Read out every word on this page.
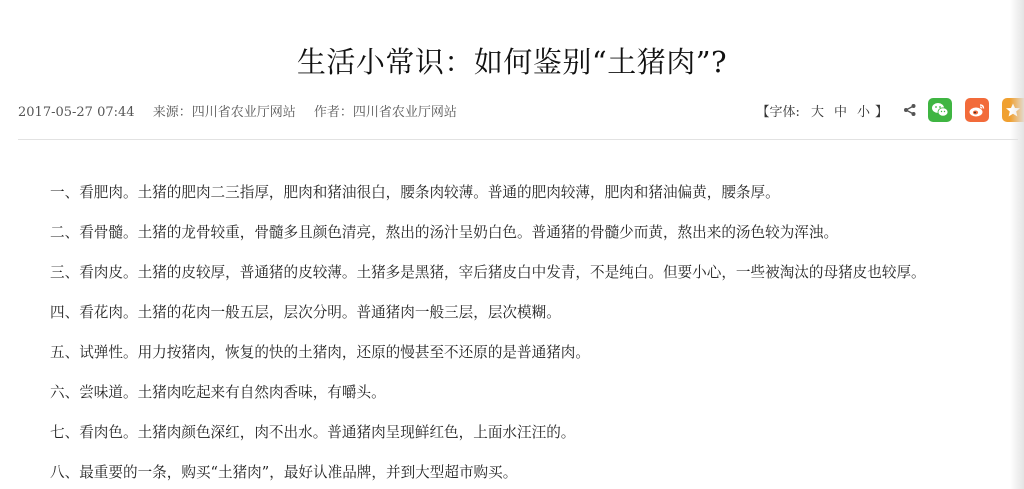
生活小常识：如何鉴别“土猪肉”?
2017-05-27 07:44 来源：四川省农业厅网站 作者：四川省农业厅网站	【字体: 大 中 小 】
一、看肥肉。土猪的肥肉二三指厚，肥肉和猪油很白，腰条肉较薄。普通的肥肉较薄，肥肉和猪油偏黄，腰条厚。
二、看骨髓。土猪的龙骨较重，骨髓多且颜色清亮，熬出的汤汁呈奶白色。普通猪的骨髓少而黄，熬出来的汤色较为浑浊。
三、看肉皮。土猪的皮较厚，普通猪的皮较薄。土猪多是黑猪，宰后猪皮白中发青，不是纯白。但要小心，一些被淘汰的母猪皮也较厚。
四、看花肉。土猪的花肉一般五层，层次分明。普通猪肉一般三层，层次模糊。
五、试弹性。用力按猪肉，恢复的快的土猪肉，还原的慢甚至不还原的是普通猪肉。
六、尝味道。土猪肉吃起来有自然肉香味，有嚼头。
七、看肉色。土猪肉颜色深红，肉不出水。普通猪肉呈现鲜红色，上面水汪汪的。
八、最重要的一条，购买“土猪肉”，最好认准品牌，并到大型超市购买。
